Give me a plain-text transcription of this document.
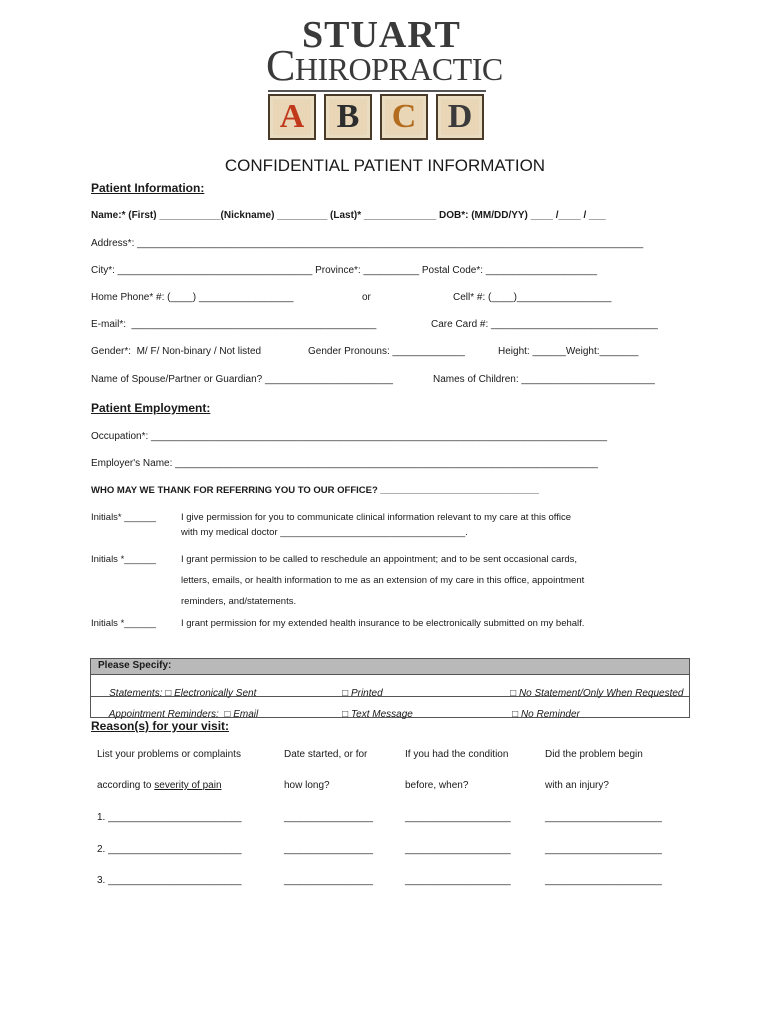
STUART
CHIROPRACTIC
A B C D
CONFIDENTIAL PATIENT INFORMATION
Patient Information:
Name:* (First) ___________(Nickname) _________ (Last)* _____________ DOB*: (MM/DD/YY) ____ /____ / ___
Address*: ___________________________________________________________________________________________
City*: ___________________________________ Province*: __________ Postal Code*: ____________________
Home Phone* #: (____) _________________	or	Cell* #: (____)_________________
E-mail*:  ____________________________________________	Care Card #: ______________________________
Gender*:  M/ F/ Non-binary / Not listed	Gender Pronouns: _____________	Height: ______Weight:_______
Name of Spouse/Partner or Guardian? _______________________	Names of Children: ________________________
Patient Employment:
Occupation*: __________________________________________________________________________________
Employer's Name: ____________________________________________________________________________
WHO MAY WE THANK FOR REFERRING YOU TO OUR OFFICE? ______________________________
Initials* ______	I give permission for you to communicate clinical information relevant to my care at this office
with my medical doctor ___________________________________.
Initials *______	I grant permission to be called to reschedule an appointment; and to be sent occasional cards,
letters, emails, or health information to me as an extension of my care in this office, appointment
reminders, and/statements.
Initials *______	I grant permission for my extended health insurance to be electronically submitted on my behalf.
Please Specify:

Statements: □ Electronically Sent
	□ Printed
	□ No Statement/Only When Requested

Appointment Reminders:  □ Email
	□ Text Message
	□ No Reminder

Reason(s) for your visit:
List your problems or complaints	Date started, or for	If you had the condition	Did the problem begin
according to severity of pain	how long?	before, when?	with an injury?
1. ________________________	________________	___________________	_____________________
2. ________________________	________________	___________________	_____________________
3. ________________________	________________	___________________	_____________________
